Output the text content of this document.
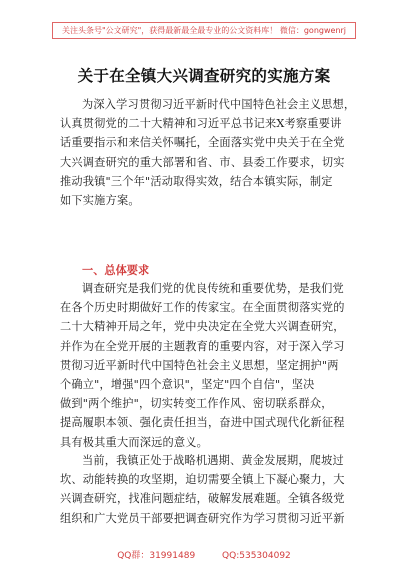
关注头条号"公文研究"，获得最新最全最专业的公文资料库！ 微信：gongwenrj
关于在全镇大兴调查研究的实施方案
为深入学习贯彻习近平新时代中国特色社会主义思想，
认真贯彻党的二十大精神和习近平总书记来X考察重要讲
话重要指示和来信关怀嘱托，全面落实党中央关于在全党
大兴调查研究的重大部署和省、市、县委工作要求，切实
推动我镇"三个年"活动取得实效，结合本镇实际，制定
如下实施方案。
一、总体要求
调查研究是我们党的优良传统和重要优势，是我们党
在各个历史时期做好工作的传家宝。在全面贯彻落实党的
二十大精神开局之年，党中央决定在全党大兴调查研究，
并作为在全党开展的主题教育的重要内容，对于深入学习
贯彻习近平新时代中国特色社会主义思想，坚定拥护"两
个确立"，增强"四个意识"，坚定"四个自信"，坚决
做到"两个维护"，切实转变工作作风、密切联系群众，
提高履职本领、强化责任担当，奋进中国式现代化新征程
具有极其重大而深远的意义。
当前，我镇正处于战略机遇期、黄金发展期，爬坡过
坎、动能转换的攻坚期，迫切需要全镇上下凝心聚力，大
兴调查研究，找准问题症结，破解发展难题。全镇各级党
组织和广大党员干部要把调查研究作为学习贯彻习近平新
QQ群：31991489	QQ:535304092
